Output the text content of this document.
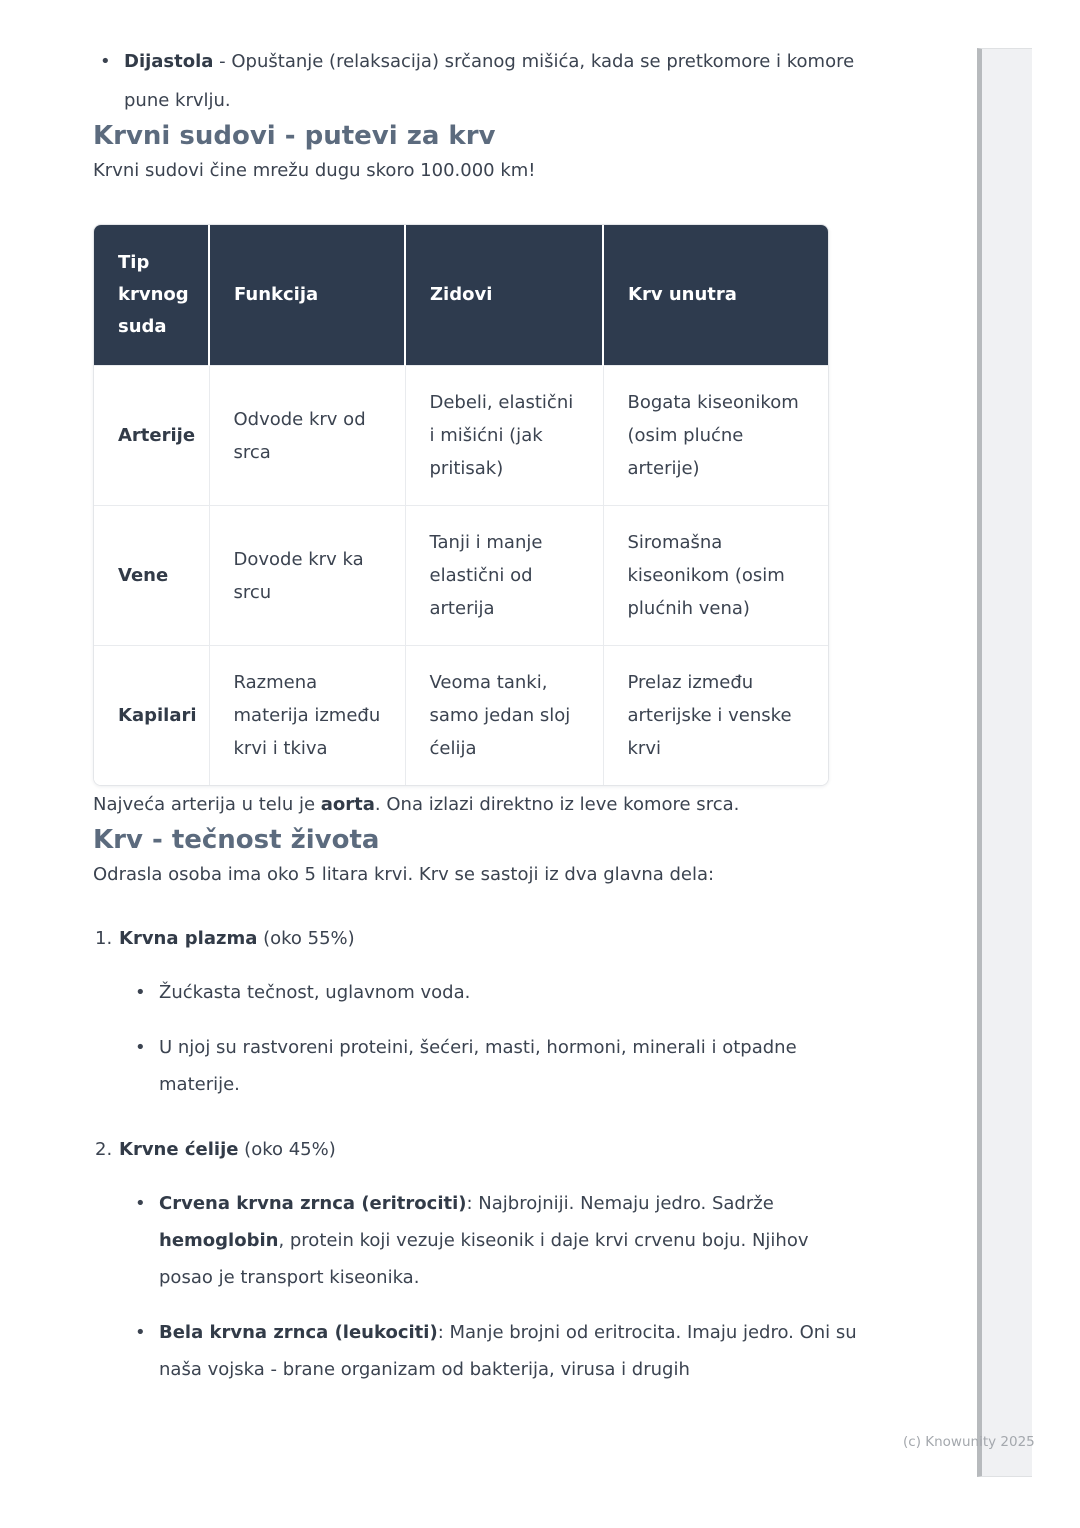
• Dijastola - Opuštanje (relaksacija) srčanog mišića, kada se pretkomore i komore pune krvlju.
Krvni sudovi - putevi za krv

Krvni sudovi čine mrežu dugu skoro 100.000 km!

Tip krvnog suda	Funkcija	Zidovi	Krv unutra
Arterije	Odvode krv od srca	Debeli, elastični i mišićni (jak pritisak)	Bogata kiseonikom (osim plućne arterije)
Vene	Dovode krv ka srcu	Tanji i manje elastični od arterija	Siromašna kiseonikom (osim plućnih vena)
Kapilari	Razmena materija između krvi i tkiva	Veoma tanki, samo jedan sloj ćelija	Prelaz između arterijske i venske krvi

Najveća arterija u telu je aorta. Ona izlazi direktno iz leve komore srca.

Krv - tečnost života

Odrasla osoba ima oko 5 litara krvi. Krv se sastoji iz dva glavna dela:

1. Krvna plazma (oko 55%)
• Žućkasta tečnost, uglavnom voda.
• U njoj su rastvoreni proteini, šećeri, masti, hormoni, minerali i otpadne materije.
2. Krvne ćelije (oko 45%)
• Crvena krvna zrnca (eritrociti): Najbrojniji. Nemaju jedro. Sadrže hemoglobin, protein koji vezuje kiseonik i daje krvi crvenu boju. Njihov posao je transport kiseonika.
• Bela krvna zrnca (leukociti): Manje brojni od eritrocita. Imaju jedro. Oni su naša vojska - brane organizam od bakterija, virusa i drugih
(c) Knowunity 2025
